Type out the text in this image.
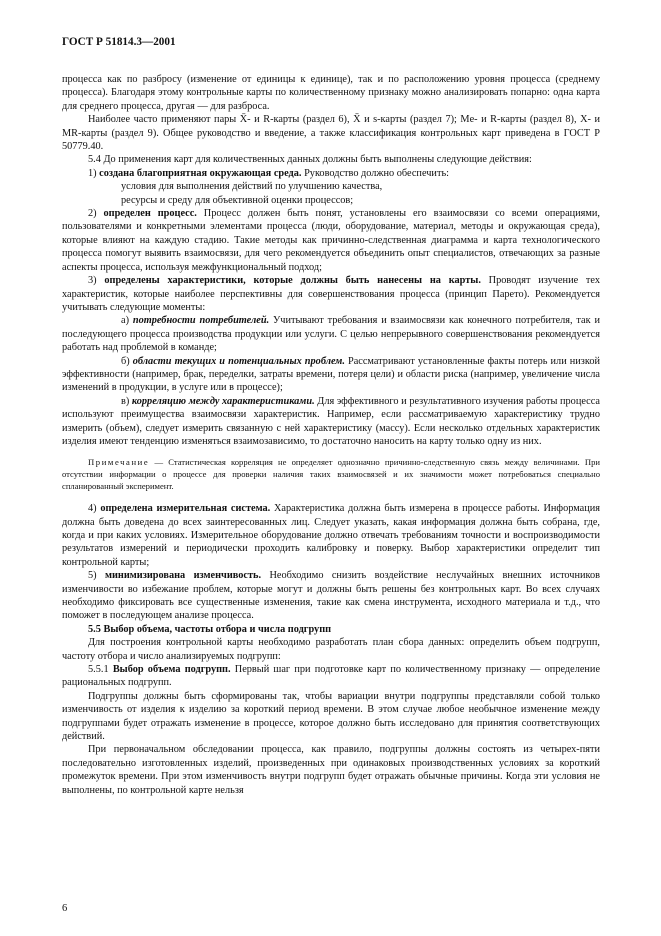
ГОСТ Р 51814.3—2001

процесса как по разбросу (изменение от единицы к единице), так и по расположению уровня процесса (среднему процесса). Благодаря этому контрольные карты по количественному признаку можно анализировать попарно: одна карта для среднего процесса, другая — для разброса.

Наиболее часто применяют пары X̄- и R-карты (раздел 6), X̄ и s-карты (раздел 7); Me- и R-карты (раздел 8), X- и MR-карты (раздел 9). Общее руководство и введение, а также классификация контрольных карт приведена в ГОСТ Р 50779.40.

5.4 До применения карт для количественных данных должны быть выполнены следующие действия:

1) создана благоприятная окружающая среда. Руководство должно обеспечить:

условия для выполнения действий по улучшению качества,

ресурсы и среду для объективной оценки процессов;

2) определен процесс. Процесс должен быть понят, установлены его взаимосвязи со всеми операциями, пользователями и конкретными элементами процесса (люди, оборудование, материал, методы и окружающая среда), которые влияют на каждую стадию. Такие методы как причинно-следственная диаграмма и карта технологического процесса помогут выявить взаимосвязи, для чего рекомендуется объединить опыт специалистов, отвечающих за разные аспекты процесса, используя межфункциональный подход;

3) определены характеристики, которые должны быть нанесены на карты. Проводят изучение тех характеристик, которые наиболее перспективны для совершенствования процесса (принцип Парето). Рекомендуется учитывать следующие моменты:

а) потребности потребителей. Учитывают требования и взаимосвязи как конечного потребителя, так и последующего процесса производства продукции или услуги. С целью непрерывного совершенствования рекомендуется работать над проблемой в команде;

б) области текущих и потенциальных проблем. Рассматривают установленные факты потерь или низкой эффективности (например, брак, переделки, затраты времени, потеря цели) и области риска (например, увеличение числа изменений в продукции, в услуге или в процессе);

в) корреляцию между характеристиками. Для эффективного и результативного изучения работы процесса используют преимущества взаимосвязи характеристик. Например, если рассматриваемую характеристику трудно измерить (объем), следует измерить связанную с ней характеристику (массу). Если несколько отдельных характеристик изделия имеют тенденцию изменяться взаимозависимо, то достаточно наносить на карту только одну из них.

Примечание — Статистическая корреляция не определяет однозначно причинно-следственную связь между величинами. При отсутствии информации о процессе для проверки наличия таких взаимосвязей и их значимости может потребоваться специально спланированный эксперимент.

4) определена измерительная система. Характеристика должна быть измерена в процессе работы. Информация должна быть доведена до всех заинтересованных лиц. Следует указать, какая информация должна быть собрана, где, когда и при каких условиях. Измерительное оборудование должно отвечать требованиям точности и воспроизводимости результатов измерений и периодически проходить калибровку и поверку. Выбор характеристики определит тип контрольной карты;

5) минимизирована изменчивость. Необходимо снизить воздействие неслучайных внешних источников изменчивости во избежание проблем, которые могут и должны быть решены без контрольных карт. Во всех случаях необходимо фиксировать все существенные изменения, такие как смена инструмента, исходного материала и т.д., что поможет в последующем анализе процесса.

5.5 Выбор объема, частоты отбора и числа подгрупп

Для построения контрольной карты необходимо разработать план сбора данных: определить объем подгрупп, частоту отбора и число анализируемых подгрупп:

5.5.1 Выбор объема подгрупп. Первый шаг при подготовке карт по количественному признаку — определение рациональных подгрупп.

Подгруппы должны быть сформированы так, чтобы вариации внутри подгруппы представляли собой только изменчивость от изделия к изделию за короткий период времени. В этом случае любое необычное изменение между подгруппами будет отражать изменение в процессе, которое должно быть исследовано для принятия соответствующих действий.

При первоначальном обследовании процесса, как правило, подгруппы должны состоять из четырех-пяти последовательно изготовленных изделий, произведенных при одинаковых производственных условиях за короткий промежуток времени. При этом изменчивость внутри подгрупп будет отражать обычные причины. Когда эти условия не выполнены, по контрольной карте нельзя

6
